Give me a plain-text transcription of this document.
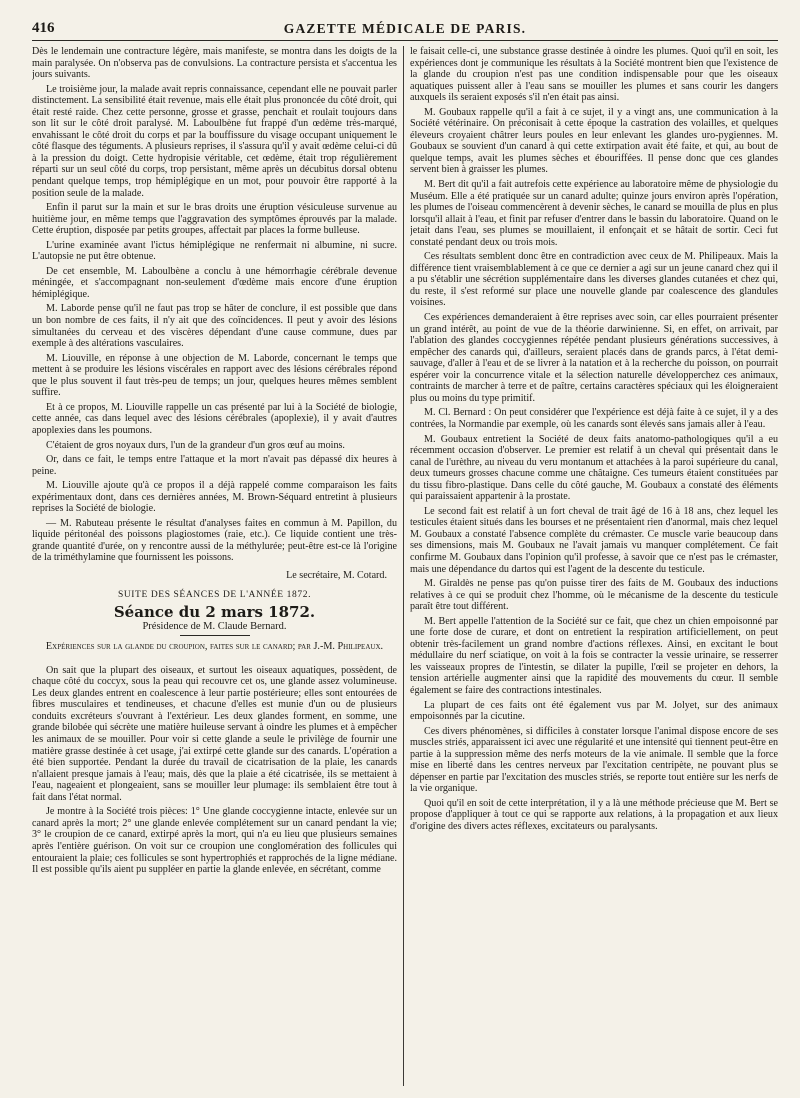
416	GAZETTE MÉDICALE DE PARIS.

Dès le lendemain une contracture légère, mais manifeste, se montra dans les doigts de la main paralysée. On n'observa pas de convulsions. La contracture persista et s'accentua les jours suivants.

Le troisième jour, la malade avait repris connaissance, cependant elle ne pouvait parler distinctement. La sensibilité était revenue, mais elle était plus prononcée du côté droit, qui était resté raide. Chez cette personne, grosse et grasse, penchait et roulait toujours dans son lit sur le côté droit paralysé. M. Laboulbène fut frappé d'un œdème très-marqué, envahissant le côté droit du corps et par la bouffissure du visage occupant uniquement le côté flasque des téguments. A plusieurs reprises, il s'assura qu'il y avait œdème celui-ci dû à la pression du doigt. Cette hydropisie véritable, cet œdème, était trop régulièrement réparti sur un seul côté du corps, trop persistant, même après un décubitus dorsal obtenu pendant quelque temps, trop hémiplégique en un mot, pour pouvoir être rapporté à la position seule de la malade.

Enfin il parut sur la main et sur le bras droits une éruption vésiculeuse survenue au huitième jour, en même temps que l'aggravation des symptômes éprouvés par la malade. Cette éruption, disposée par petits groupes, affectait par places la forme bulleuse.

L'urine examinée avant l'ictus hémiplégique ne renfermait ni albumine, ni sucre. L'autopsie ne put être obtenue.

De cet ensemble, M. Laboulbène a conclu à une hémorrhagie cérébrale devenue méningée, et s'accompagnant non-seulement d'œdème mais encore d'une éruption hémiplégique.

M. Laborde pense qu'il ne faut pas trop se hâter de conclure, il est possible que dans un bon nombre de ces faits, il n'y ait que des coïncidences. Il peut y avoir des lésions simultanées du cerveau et des viscères dépendant d'une cause commune, dues par exemple à des altérations vasculaires.

M. Liouville, en réponse à une objection de M. Laborde, concernant le temps que mettent à se produire les lésions viscérales en rapport avec des lésions cérébrales répond que le plus souvent il faut très-peu de temps; un jour, quelques heures mêmes semblent suffire.

Et à ce propos, M. Liouville rappelle un cas présenté par lui à la Société de biologie, cette année, cas dans lequel avec des lésions cérébrales (apoplexie), il y avait d'autres apoplexies dans les poumons.

C'étaient de gros noyaux durs, l'un de la grandeur d'un gros œuf au moins.

Or, dans ce fait, le temps entre l'attaque et la mort n'avait pas dépassé dix heures à peine.

M. Liouville ajoute qu'à ce propos il a déjà rappelé comme comparaison les faits expérimentaux dont, dans ces dernières années, M. Brown-Séquard entretint à plusieurs reprises la Société de biologie.

— M. Rabuteau présente le résultat d'analyses faites en commun à M. Papillon, du liquide péritonéal des poissons plagiostomes (raie, etc.). Ce liquide contient une très-grande quantité d'urée, on y rencontre aussi de la méthylurée; peut-être est-ce là l'origine de la triméthylamine que fournissent les poissons.

Le secrétaire, M. Cotard.

SUITE DES SÉANCES DE L'ANNÉE 1872.

Séance du 2 mars 1872.
Présidence de M. Claude Bernard.

Expériences sur la glande du croupion, faites sur le canard; par J.-M. Philipeaux.

On sait que la plupart des oiseaux, et surtout les oiseaux aquatiques, possèdent, de chaque côté du coccyx, sous la peau qui recouvre cet os, une glande assez volumineuse. Les deux glandes entrent en coalescence à leur partie postérieure; elles sont entourées de fibres musculaires et tendineuses, et chacune d'elles est munie d'un ou de plusieurs conduits excréteurs s'ouvrant à l'extérieur. Les deux glandes forment, en somme, une grande bilobée qui sécrète une matière huileuse servant à oindre les plumes et à empêcher les animaux de se mouiller. Pour voir si cette glande a seule le privilège de fournir une matière grasse destinée à cet usage, j'ai extirpé cette glande sur des canards. L'opération a été bien supportée. Pendant la durée du travail de cicatrisation de la plaie, les canards n'allaient presque jamais à l'eau; mais, dès que la plaie a été cicatrisée, ils se mettaient à l'eau, nageaient et plongeaient, sans se mouiller leur plumage: ils semblaient être tout à fait dans l'état normal.

Je montre à la Société trois pièces: 1° Une glande coccygienne intacte, enlevée sur un canard après la mort; 2° une glande enlevée complétement sur un canard pendant la vie; 3° le croupion de ce canard, extirpé après la mort, qui n'a eu lieu que plusieurs semaines après l'entière guérison. On voit sur ce croupion une conglomération des follicules qui entouraient la plaie; ces follicules se sont hypertrophiés et rapprochés de la ligne médiane. Il est possible qu'ils aient pu suppléer en partie la glande enlevée, en sécrétant, comme

le faisait celle-ci, une substance grasse destinée à oindre les plumes. Quoi qu'il en soit, les expériences dont je communique les résultats à la Société montrent bien que l'existence de la glande du croupion n'est pas une condition indispensable pour que les oiseaux aquatiques puissent aller à l'eau sans se mouiller les plumes et sans courir les dangers auxquels ils seraient exposés s'il n'en était pas ainsi.

M. Goubaux rappelle qu'il a fait à ce sujet, il y a vingt ans, une communication à la Société vétérinaire. On préconisait à cette époque la castration des volailles, et quelques éleveurs croyaient châtrer leurs poules en leur enlevant les glandes uro-pygiennes. M. Goubaux se souvient d'un canard à qui cette extirpation avait été faite, et qui, au bout de quelque temps, avait les plumes sèches et ébouriffées. Il pense donc que ces glandes servent bien à graisser les plumes.

M. Bert dit qu'il a fait autrefois cette expérience au laboratoire même de physiologie du Muséum. Elle a été pratiquée sur un canard adulte; quinze jours environ après l'opération, les plumes de l'oiseau commencèrent à devenir sèches, le canard se mouilla de plus en plus lorsqu'il allait à l'eau, et finit par refuser d'entrer dans le bassin du laboratoire. Quand on le jetait dans l'eau, ses plumes se mouillaient, il enfonçait et se hâtait de sortir. Ceci fut constaté pendant deux ou trois mois.

Ces résultats semblent donc être en contradiction avec ceux de M. Philipeaux. Mais la différence tient vraisemblablement à ce que ce dernier a agi sur un jeune canard chez qui il a pu s'établir une sécrétion supplémentaire dans les diverses glandes cutanées et chez qui, du reste, il s'est reformé sur place une nouvelle glande par coalescence des glandules voisines.

Ces expériences demanderaient à être reprises avec soin, car elles pourraient présenter un grand intérêt, au point de vue de la théorie darwinienne. Si, en effet, on arrivait, par l'ablation des glandes coccygiennes répétée pendant plusieurs générations successives, à empêcher des canards qui, d'ailleurs, seraient placés dans de grands parcs, à l'état demi-sauvage, d'aller à l'eau et de se livrer à la natation et à la recherche du poisson, on pourrait espérer voir la concurrence vitale et la sélection naturelle développerchez ces animaux, contraints de marcher à terre et de paître, certains caractères spéciaux qui les éloigneraient plus ou moins du type primitif.

M. Cl. Bernard : On peut considérer que l'expérience est déjà faite à ce sujet, il y a des contrées, la Normandie par exemple, où les canards sont élevés sans jamais aller à l'eau.

M. Goubaux entretient la Société de deux faits anatomo-pathologiques qu'il a eu récemment occasion d'observer. Le premier est relatif à un cheval qui présentait dans le canal de l'urèthre, au niveau du veru montanum et attachées à la paroi supérieure du canal, deux tumeurs grosses chacune comme une châtaigne. Ces tumeurs étaient constituées par du tissu fibro-plastique. Dans celle du côté gauche, M. Goubaux a constaté des éléments qui paraissaient appartenir à la prostate.

Le second fait est relatif à un fort cheval de trait âgé de 16 à 18 ans, chez lequel les testicules étaient situés dans les bourses et ne présentaient rien d'anormal, mais chez lequel M. Goubaux a constaté l'absence complète du crémaster. Ce muscle varie beaucoup dans ses dimensions, mais M. Goubaux ne l'avait jamais vu manquer complétement. Ce fait confirme M. Goubaux dans l'opinion qu'il professe, à savoir que ce n'est pas le crémaster, mais une dépendance du dartos qui est l'agent de la descente du testicule.

M. Giraldès ne pense pas qu'on puisse tirer des faits de M. Goubaux des inductions relatives à ce qui se produit chez l'homme, où le mécanisme de la descente du testicule paraît être tout différent.

M. Bert appelle l'attention de la Société sur ce fait, que chez un chien empoisonné par une forte dose de curare, et dont on entretient la respiration artificiellement, on peut obtenir très-facilement un grand nombre d'actions réflexes. Ainsi, en excitant le bout médullaire du nerf sciatique, on voit à la fois se contracter la vessie urinaire, se resserrer les vaisseaux propres de l'intestin, se dilater la pupille, l'œil se projeter en dehors, la tension artérielle augmenter ainsi que la rapidité des mouvements du cœur. Il semble également se faire des contractions intestinales.

La plupart de ces faits ont été également vus par M. Jolyet, sur des animaux empoisonnés par la cicutine.

Ces divers phénomènes, si difficiles à constater lorsque l'animal dispose encore de ses muscles striés, apparaissent ici avec une régularité et une intensité qui tiennent peut-être en partie à la suppression même des nerfs moteurs de la vie animale. Il semble que la force mise en liberté dans les centres nerveux par l'excitation centripète, ne pouvant plus se dépenser en partie par l'excitation des muscles striés, se reporte tout entière sur les nerfs de la vie organique.

Quoi qu'il en soit de cette interprétation, il y a là une méthode précieuse que M. Bert se propose d'appliquer à tout ce qui se rapporte aux relations, à la propagation et aux lieux d'origine des divers actes réflexes, excitateurs ou paralysants.
